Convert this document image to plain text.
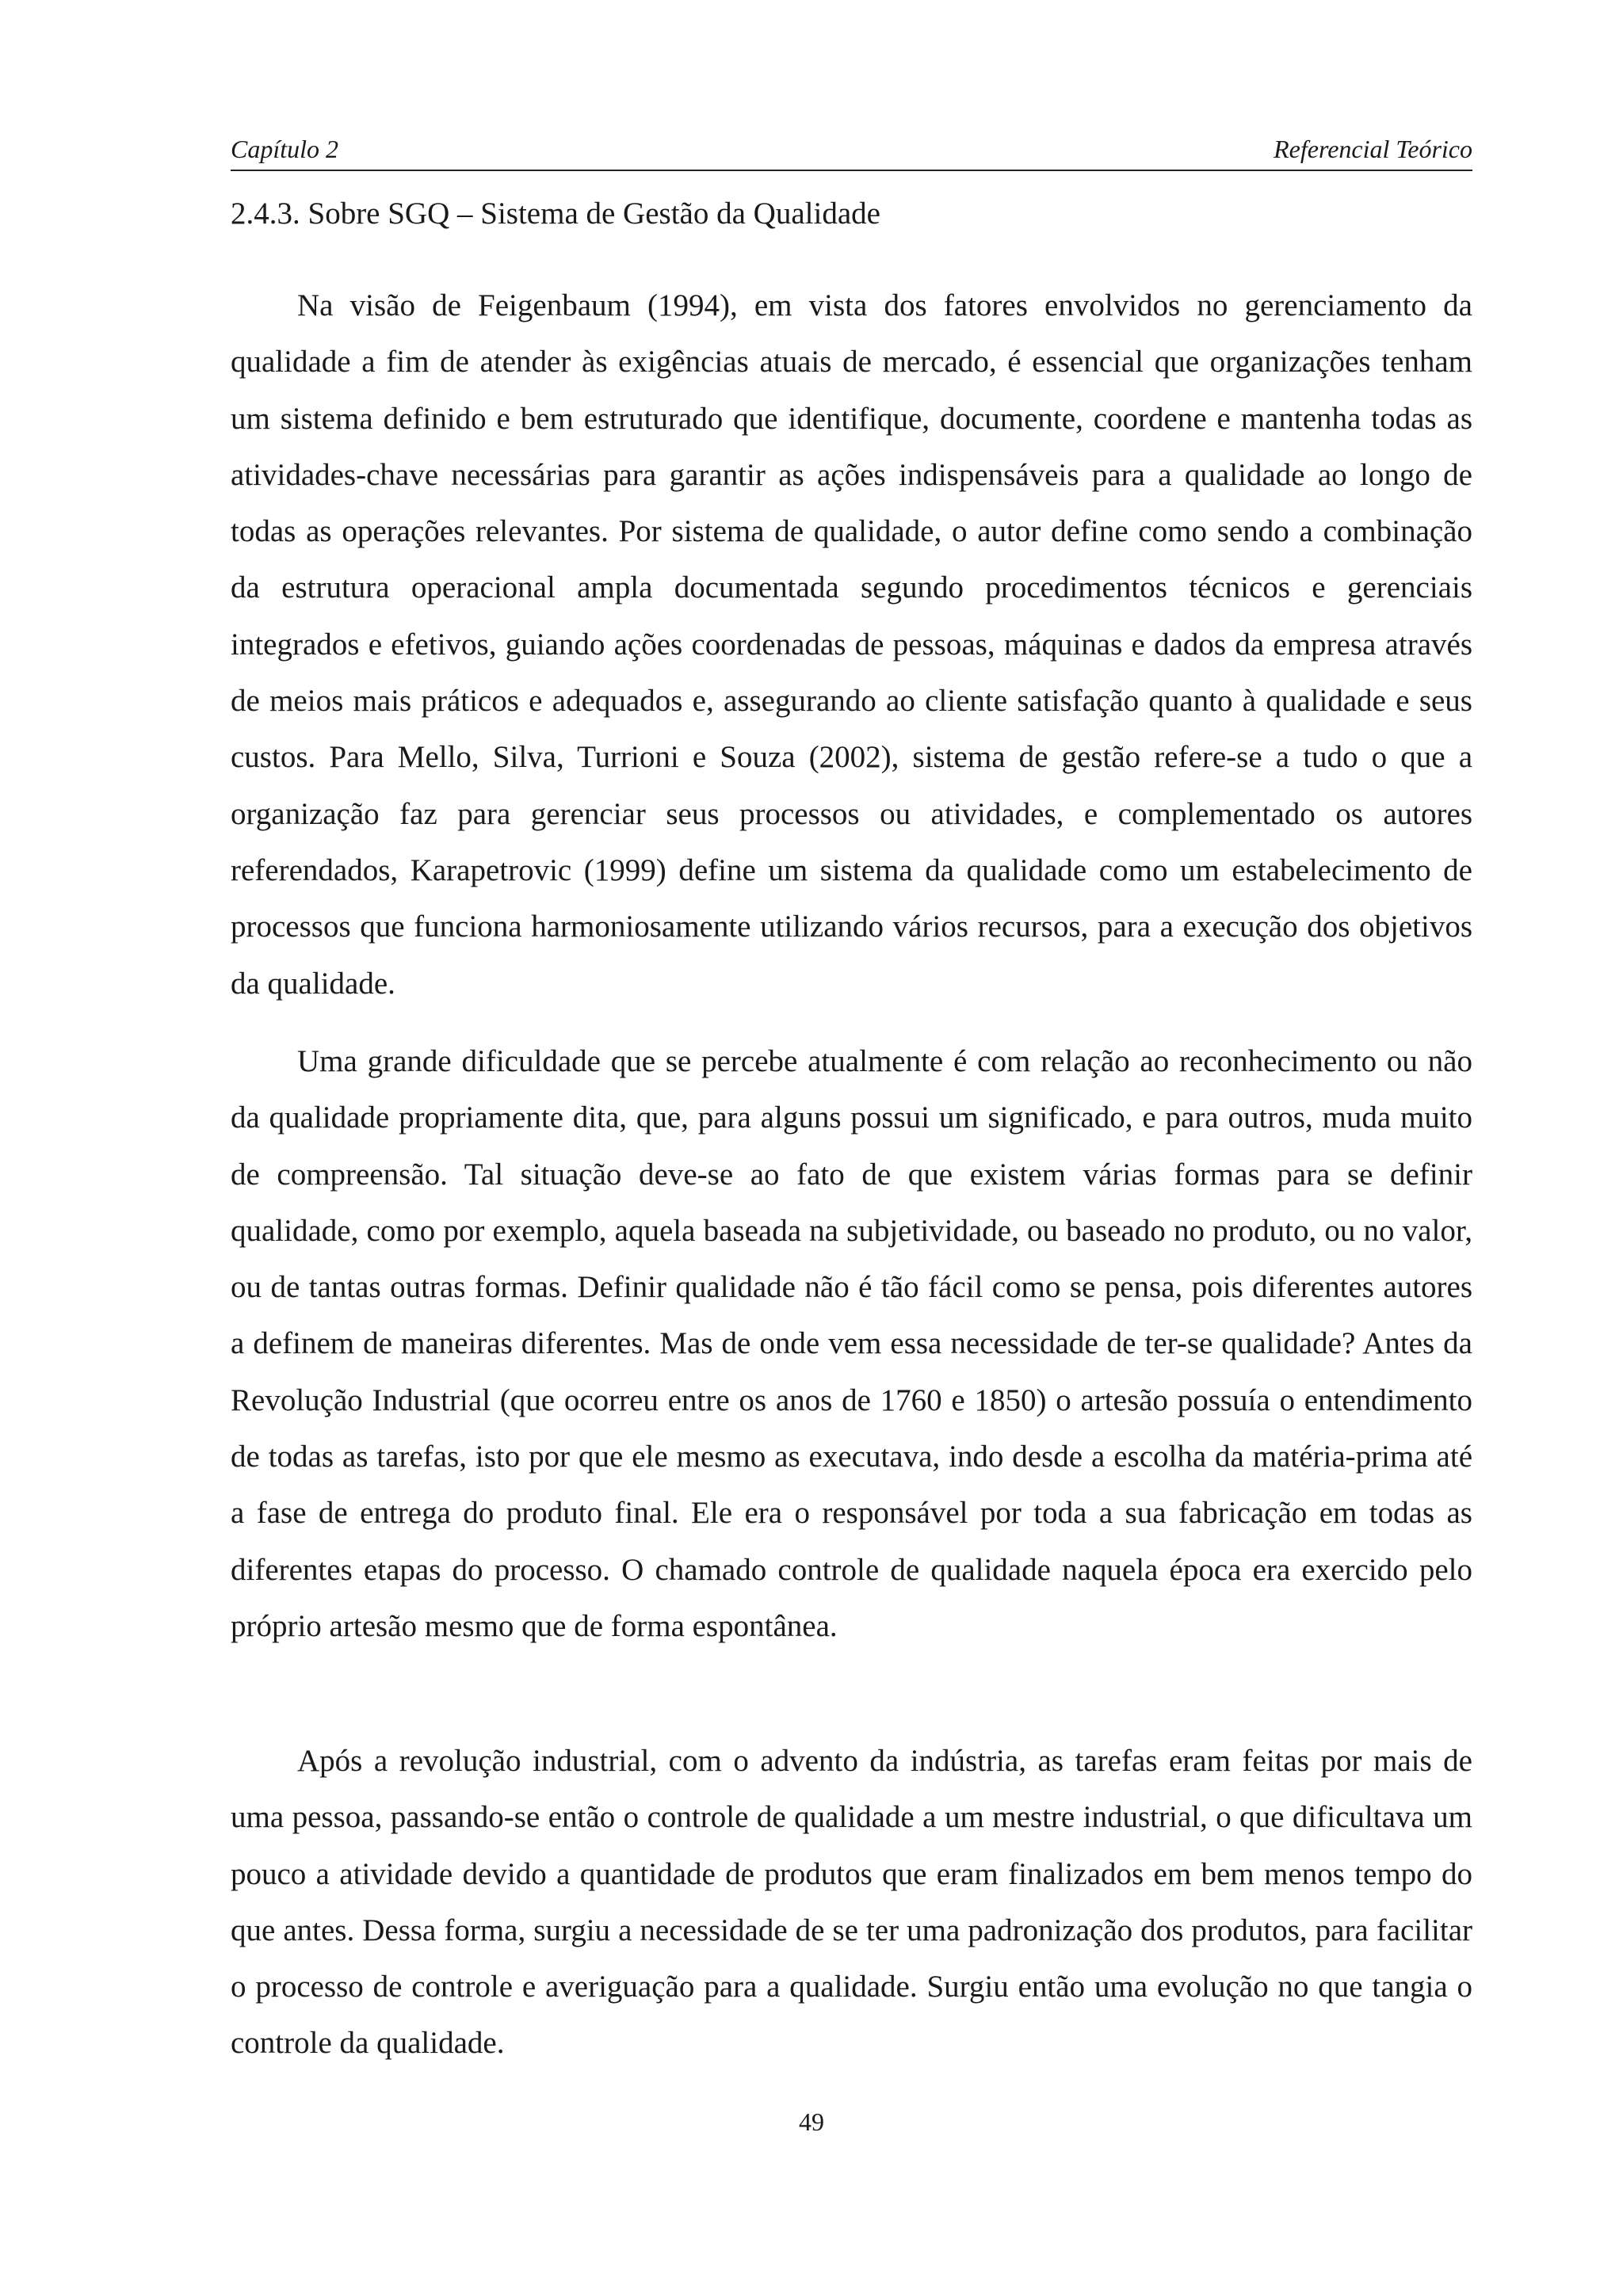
Capítulo 2	Referencial Teórico
2.4.3. Sobre SGQ – Sistema de Gestão da Qualidade

Na visão de Feigenbaum (1994), em vista dos fatores envolvidos no gerenciamento da qualidade a fim de atender às exigências atuais de mercado, é essencial que organizações tenham um sistema definido e bem estruturado que identifique, documente, coordene e mantenha todas as atividades-chave necessárias para garantir as ações indispensáveis para a qualidade ao longo de todas as operações relevantes. Por sistema de qualidade, o autor define como sendo a combinação da estrutura operacional ampla documentada segundo procedimentos técnicos e gerenciais integrados e efetivos, guiando ações coordenadas de pessoas, máquinas e dados da empresa através de meios mais práticos e adequados e, assegurando ao cliente satisfação quanto à qualidade e seus custos. Para Mello, Silva, Turrioni e Souza (2002), sistema de gestão refere-se a tudo o que a organização faz para gerenciar seus processos ou atividades, e complementado os autores referendados, Karapetrovic (1999) define um sistema da qualidade como um estabelecimento de processos que funciona harmoniosamente utilizando vários recursos, para a execução dos objetivos da qualidade.

Uma grande dificuldade que se percebe atualmente é com relação ao reconhecimento ou não da qualidade propriamente dita, que, para alguns possui um significado, e para outros, muda muito de compreensão. Tal situação deve-se ao fato de que existem várias formas para se definir qualidade, como por exemplo, aquela baseada na subjetividade, ou baseado no produto, ou no valor, ou de tantas outras formas. Definir qualidade não é tão fácil como se pensa, pois diferentes autores a definem de maneiras diferentes. Mas de onde vem essa necessidade de ter-se qualidade? Antes da Revolução Industrial (que ocorreu entre os anos de 1760 e 1850) o artesão possuía o entendimento de todas as tarefas, isto por que ele mesmo as executava, indo desde a escolha da matéria-prima até a fase de entrega do produto final. Ele era o responsável por toda a sua fabricação em todas as diferentes etapas do processo. O chamado controle de qualidade naquela época era exercido pelo próprio artesão mesmo que de forma espontânea.

Após a revolução industrial, com o advento da indústria, as tarefas eram feitas por mais de uma pessoa, passando-se então o controle de qualidade a um mestre industrial, o que dificultava um pouco a atividade devido a quantidade de produtos que eram finalizados em bem menos tempo do que antes. Dessa forma, surgiu a necessidade de se ter uma padronização dos produtos, para facilitar o processo de controle e averiguação para a qualidade. Surgiu então uma evolução no que tangia o controle da qualidade.

49
